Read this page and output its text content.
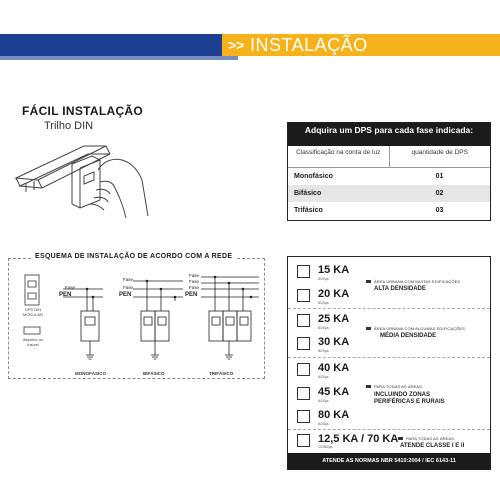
>> INSTALAÇÃO
FÁCIL INSTALAÇÃO
Trilho DIN	Adquira um DPS para cada fase indicada:
Classificação na conta de luz	quantidade de DPS
Monofásico	01
Bifásico	02
Trifásico	03
ESQUEMA DE INSTALAÇÃO DE ACORDO COM A REDE
DPS DIN MODULAR
disjuntor ou fusível
Fase
PEN
Fase
Fase
PEN
Fase
Fase
Fase
PEN
MONOFÁSICO	BIFÁSICO	TRIFÁSICO
15 KA
8/20µs
20 KA
8/20µs
ÁREA URBANA COM MUITAS EDIFICAÇÕES
ALTA DENSIDADE
25 KA
8/20µs
30 KA
8/20µs
ÁREA URBANA COM ALGUMAS EDIFICAÇÕES
MÉDIA DENSIDADE
40 KA
8/20µs
45 KA
8/20µs
80 KA
8/20µs
PARA TODAS AS ÁREAS.
INCLUINDO ZONAS PERIFÉRICAS E RURAIS
12,5 KA / 70 KA
10/350µs
PARA TODAS AS ÁREAS.
ATENDE CLASSE I E II
ATENDE AS NORMAS NBR 5410:2004 / IEC 6143-11
